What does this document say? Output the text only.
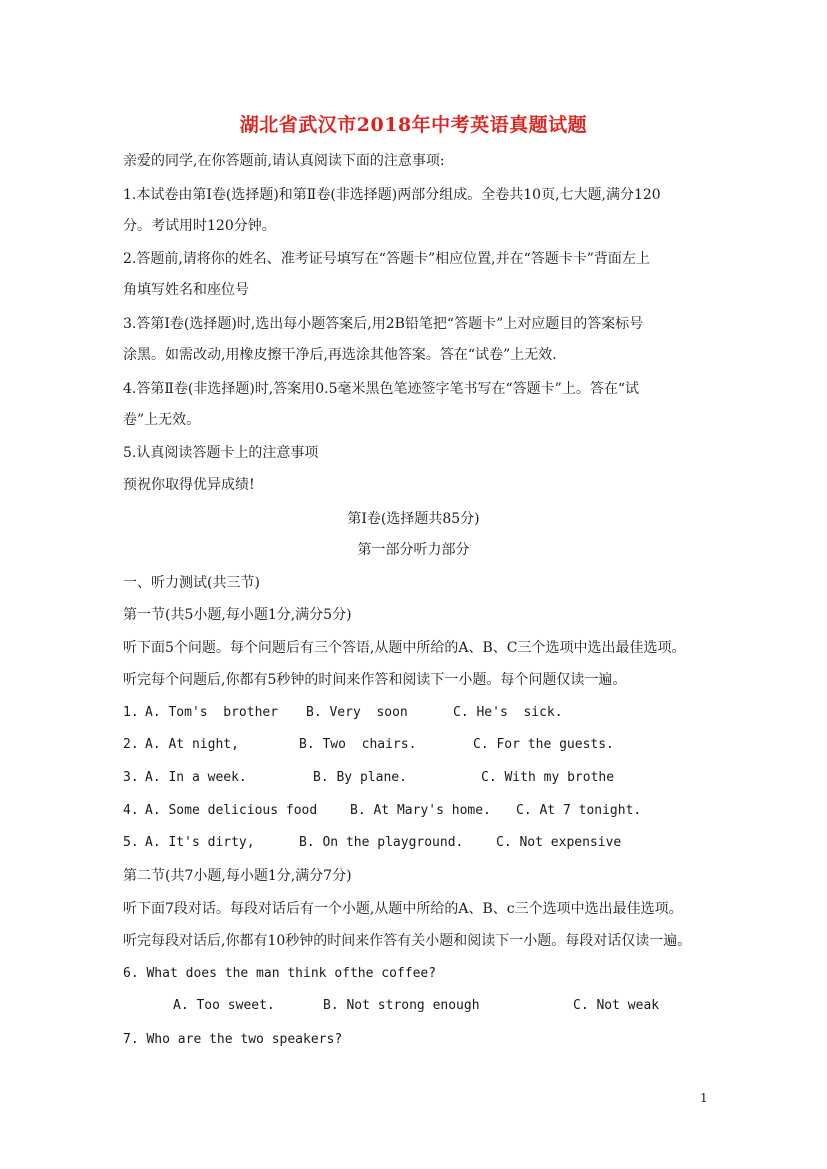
湖北省武汉市2018年中考英语真题试题
亲爱的同学,在你答题前,请认真阅读下面的注意事项:
1.本试卷由第Ⅰ卷(选择题)和第Ⅱ卷(非选择题)两部分组成。全卷共10页,七大题,满分120
分。考试用时120分钟。
2.答题前,请将你的姓名、准考证号填写在“答题卡”相应位置,并在“答题卡卡”背面左上
角填写姓名和座位号
3.答第Ⅰ卷(选择题)时,选出每小题答案后,用2B铅笔把“答题卡”上对应题目的答案标号
涂黑。如需改动,用橡皮擦干净后,再选涂其他答案。答在“试卷”上无效.
4.答第Ⅱ卷(非选择题)时,答案用0.5毫米黑色笔迹签字笔书写在“答题卡”上。答在“试
卷”上无效。
5.认真阅读答题卡上的注意事项
预祝你取得优异成绩!
第Ⅰ卷(选择题共85分)
第一部分听力部分
一、听力测试(共三节)
第一节(共5小题,每小题1分,满分5分)
听下面5个问题。每个问题后有三个答语,从题中所给的A、B、C三个选项中选出最佳选项。
听完每个问题后,你都有5秒钟的时间来作答和阅读下一小题。每个问题仅读一遍。
1. A. Tom's  brother B. Very  soon	C. He's  sick.
2. A. At night,	B. Two  chairs.	C. For the guests.
3. A. In a week.	B. By plane.	C. With my brothe
4. A. Some delicious food	B. At Mary's home. C. At 7 tonight.
5. A. It's dirty,	B. On the playground.	C. Not expensive
第二节(共7小题,每小题1分,满分7分)
听下面7段对话。每段对话后有一个小题,从题中所给的A、B、c三个选项中选出最佳选项。
听完每段对话后,你都有10秒钟的时间来作答有关小题和阅读下一小题。每段对话仅读一遍。
6. What does the man think ofthe coffee?
A. Too sweet.	B. Not strong enough	C. Not weak
7. Who are the two speakers?
1
